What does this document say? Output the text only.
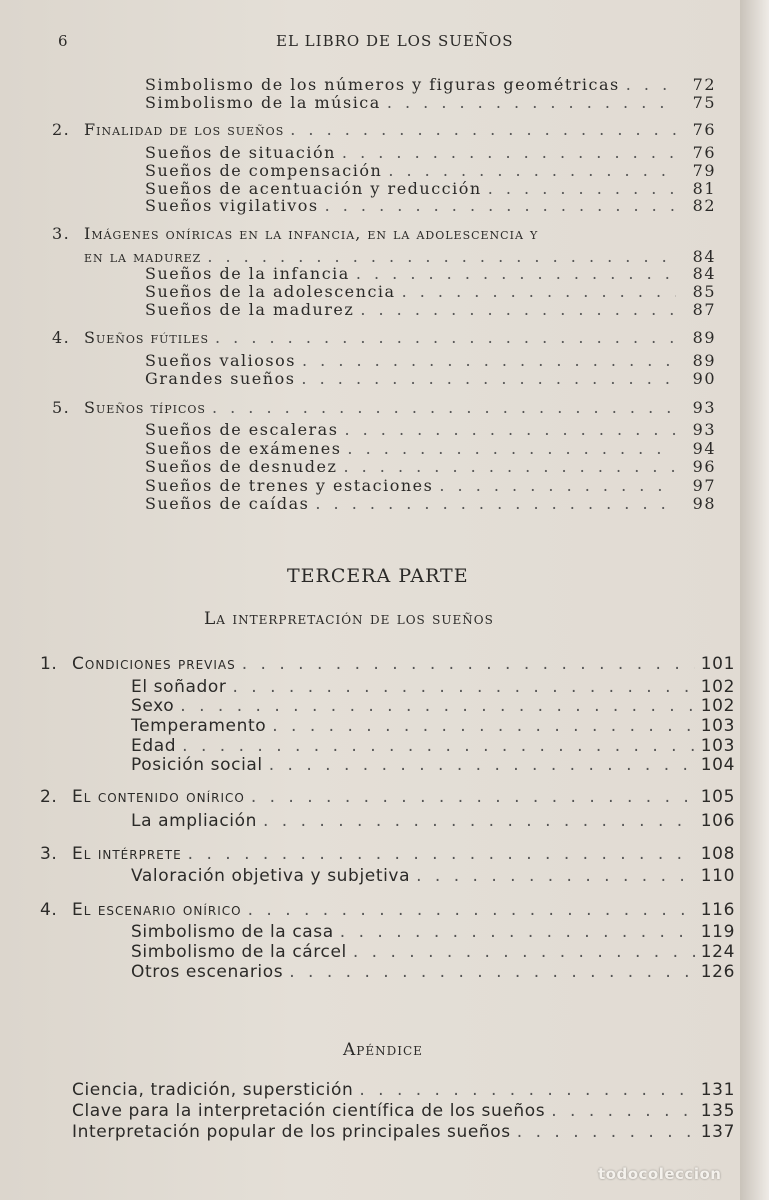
6	EL LIBRO DE LOS SUEÑOS
Simbolismo de los números y figuras geométricas . . .	72
Simbolismo de la música . . .	75
2. Finalidad de los sueños . . .	76
Sueños de situación . . .	76
Sueños de compensación . . .	79
Sueños de acentuación y reducción . . .	81
Sueños vigilativos . . .	82
3. Imágenes oníricas en la infancia, en la adolescencia y
en la madurez . . .	84
Sueños de la infancia . . .	84
Sueños de la adolescencia . . .	85
Sueños de la madurez . . .	87
4. Sueños fútiles . . .	89
Sueños valiosos . . .	89
Grandes sueños . . .	90
5. Sueños típicos . . .	93
Sueños de escaleras . . .	93
Sueños de exámenes . . .	94
Sueños de desnudez . . .	96
Sueños de trenes y estaciones . . .	97
Sueños de caídas . . .	98
TERCERA PARTE
La interpretación de los sueños
1. Condiciones previas . . .	101
El soñador . . .	102
Sexo . . .	102
Temperamento . . .	103
Edad . . .	103
Posición social . . .	104
2. El contenido onírico . . .	105
La ampliación . . .	106
3. El intérprete . . .	108
Valoración objetiva y subjetiva . . .	110
4. El escenario onírico . . .	116
Simbolismo de la casa . . .	119
Simbolismo de la cárcel . . .	124
Otros escenarios . . .	126
Apéndice
Ciencia, tradición, superstición . . .	131
Clave para la interpretación científica de los sueños . . .	135
Interpretación popular de los principales sueños . . .	137
todocoleccion
